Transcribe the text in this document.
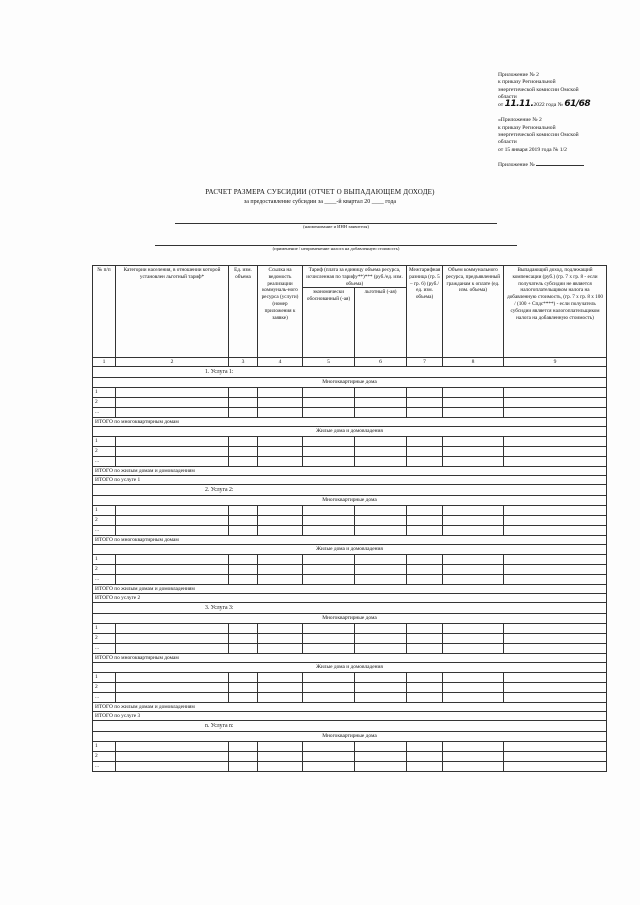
Приложение № 2
к приказу Региональной
энергетической комиссии Омской
области
от 11.11.2022 года № 61/68
«Приложение № 2
к приказу Региональной
энергетической комиссии Омской
области
от 15 января 2019 года № 1/2
Приложение №
РАСЧЕТ РАЗМЕРА СУБСИДИИ (ОТЧЕТ О ВЫПАДАЮЩЕМ ДОХОДЕ)
за предоставление субсидии за ____-й квартал 20 ____ года
(наименование и ИНН заявителя)
(применение / неприменение налога на добавленную стоимость)
№ п/п	Категории населения, в отношении которой установлен льготный тариф*	Ед. изм. объема	Ссылка на ведомость реализации коммуналь-ного ресурса (услуги) (номер приложения к заявке)	Тариф (плата за единицу объема ресурса, исчисленная по тарифу**)*** (руб./ед. изм. объема)		Межтарифная разница (гр. 5 – гр. 6) (руб./ед. изм. объема)	Объем коммунального ресурса, предъявленный гражданам к оплате (ед. изм. объема)	Выпадающий доход, подлежащий компенсации (руб.) (гр. 7 х гр. 8 - если получатель субсидии не является налогоплательщиком налога на добавленную стоимость, (гр. 7 х гр. 8 х 100 / (100 + Спдс****) - если получатель субсидии является налогоплательщиком налога на добавленную стоимость)
				экономически обоснованный (-ая)	льготный (-ая)			
1	2	3	4	5	6	7	8	9
1. Услуга 1:								
Многоквартирные дома								
1								
2								
...								
ИТОГО по многоквартирным домам								
Жилые дома и домовладения								
1								
2								
...								
ИТОГО по жилым домам и домовладениям								
ИТОГО по услуге 1								
2. Услуга 2:								
Многоквартирные дома								
1								
2								
...								
ИТОГО по многоквартирным домам								
Жилые дома и домовладения								
1								
2								
...								
ИТОГО по жилым домам и домовладениям								
ИТОГО по услуге 2								
3. Услуга 3:								
Многоквартирные дома								
1								
2								
...								
ИТОГО по многоквартирным домам								
Жилые дома и домовладения								
1								
2								
...								
ИТОГО по жилым домам и домовладениям								
ИТОГО по услуге 3								
n. Услуга n:								
Многоквартирные дома								
1								
2								
...								
